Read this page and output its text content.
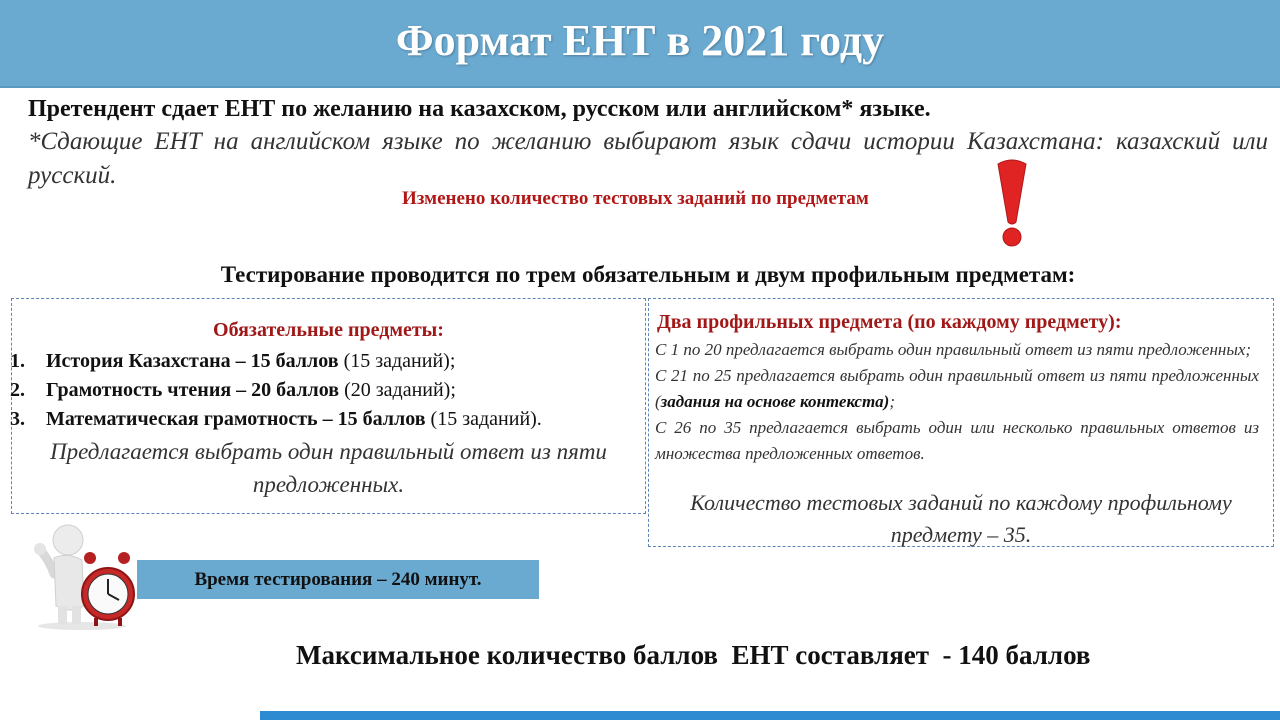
Формат ЕНТ в 2021 году

Претендент сдает ЕНТ по желанию на казахском, русском или английском* языке.

*Сдающие ЕНТ на английском языке по желанию выбирают язык сдачи истории Казахстана: казахский или русский.

Изменено количество тестовых заданий по предметам
Тестирование проводится по трем обязательным и двум профильным предметам:
Обязательные предметы:
1. История Казахстана – 15 баллов (15 заданий);
2. Грамотность чтения – 20 баллов (20 заданий);
3. Математическая грамотность – 15 баллов (15 заданий).
Предлагается выбрать один правильный ответ из пяти предложенных.
Два профильных предмета (по каждому предмету):

С 1 по 20 предлагается выбрать один правильный ответ из пяти предложенных;

С 21 по 25 предлагается выбрать один правильный ответ из пяти предложенных (задания на основе контекста);

С 26 по 35 предлагается выбрать один или несколько правильных ответов из множества предложенных ответов.

Количество тестовых заданий по каждому профильному предмету – 35.
Время тестирования – 240 минут.
Максимальное количество баллов  ЕНТ составляет  - 140 баллов
